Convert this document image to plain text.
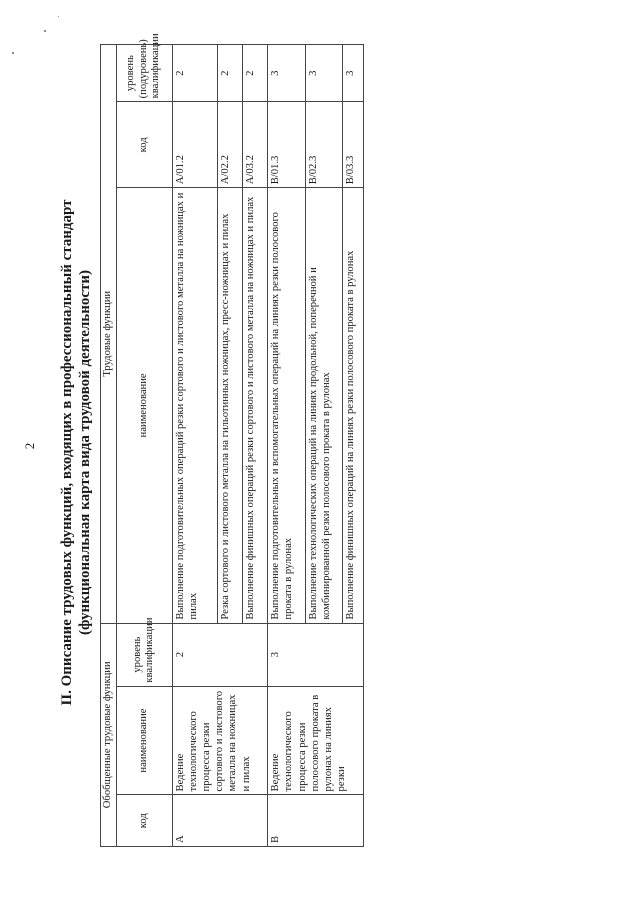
2 II. Описание трудовых функций, входящих в профессиональный стандарт (функциональная карта вида трудовой деятельности)
Обобщенные трудовые функции			Трудовые функции		
код	наименование	уровень квалификации	наименование	код	уровень (подуровень) квалификации
А	Ведение технологического процесса резки сортового и листового металла на ножницах и пилах	2	Выполнение подготовительных операций резки сортового и листового металла на ножницах и пилах	А/01.2	2
			Резка сортового и листового металла на гильотинных ножницах, пресс-ножницах и пилах	А/02.2	2
			Выполнение финишных операций резки сортового и листового металла на ножницах и пилах	А/03.2	2
В	Ведение технологического процесса резки полосового проката в рулонах на линиях резки	3	Выполнение подготовительных и вспомогательных операций на линиях резки полосового проката в рулонах	В/01.3	3
			Выполнение технологических операций на линиях продольной, поперечной и комбинированной резки полосового проката в рулонах	В/02.3	3
			Выполнение финишных операций на линиях резки полосового проката в рулонах	В/03.3	3
